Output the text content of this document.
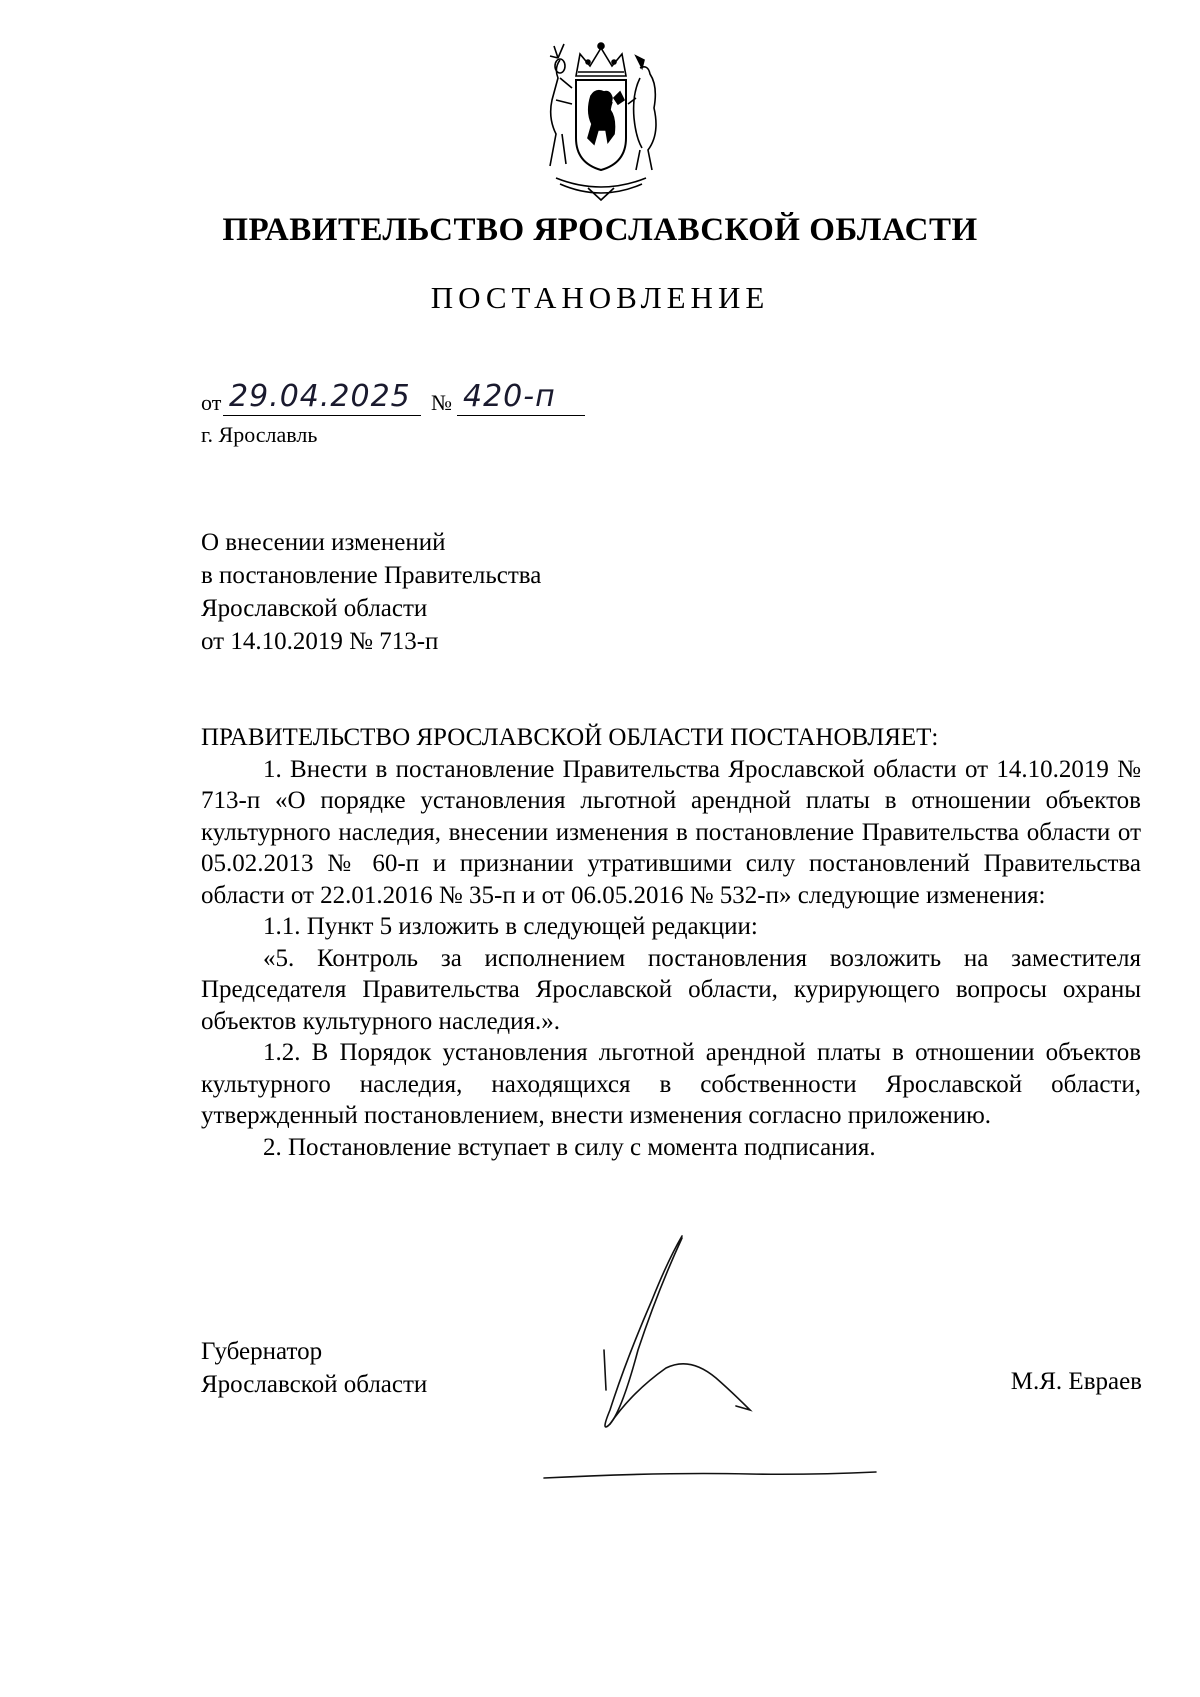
ПРАВИТЕЛЬСТВО ЯРОСЛАВСКОЙ ОБЛАСТИ
ПОСТАНОВЛЕНИЕ
от 29.04.2025 № 420-п
г. Ярославль
О внесении изменений
в постановление Правительства
Ярославской области
от 14.10.2019 № 713-п
ПРАВИТЕЛЬСТВО ЯРОСЛАВСКОЙ ОБЛАСТИ ПОСТАНОВЛЯЕТ:

1. Внести в постановление Правительства Ярославской области от 14.10.2019 № 713-п «О порядке установления льготной арендной платы в отношении объектов культурного наследия, внесении изменения в постановление Правительства области от 05.02.2013 № 60-п и признании утратившими силу постановлений Правительства области от 22.01.2016 № 35-п и от 06.05.2016 № 532-п» следующие изменения:

1.1. Пункт 5 изложить в следующей редакции:

«5. Контроль за исполнением постановления возложить на заместителя Председателя Правительства Ярославской области, курирующего вопросы охраны объектов культурного наследия.».

1.2. В Порядок установления льготной арендной платы в отношении объектов культурного наследия, находящихся в собственности Ярославской области, утвержденный постановлением, внести изменения согласно приложению.

2. Постановление вступает в силу с момента подписания.

Губернатор
Ярославской области	М.Я. Евраев
